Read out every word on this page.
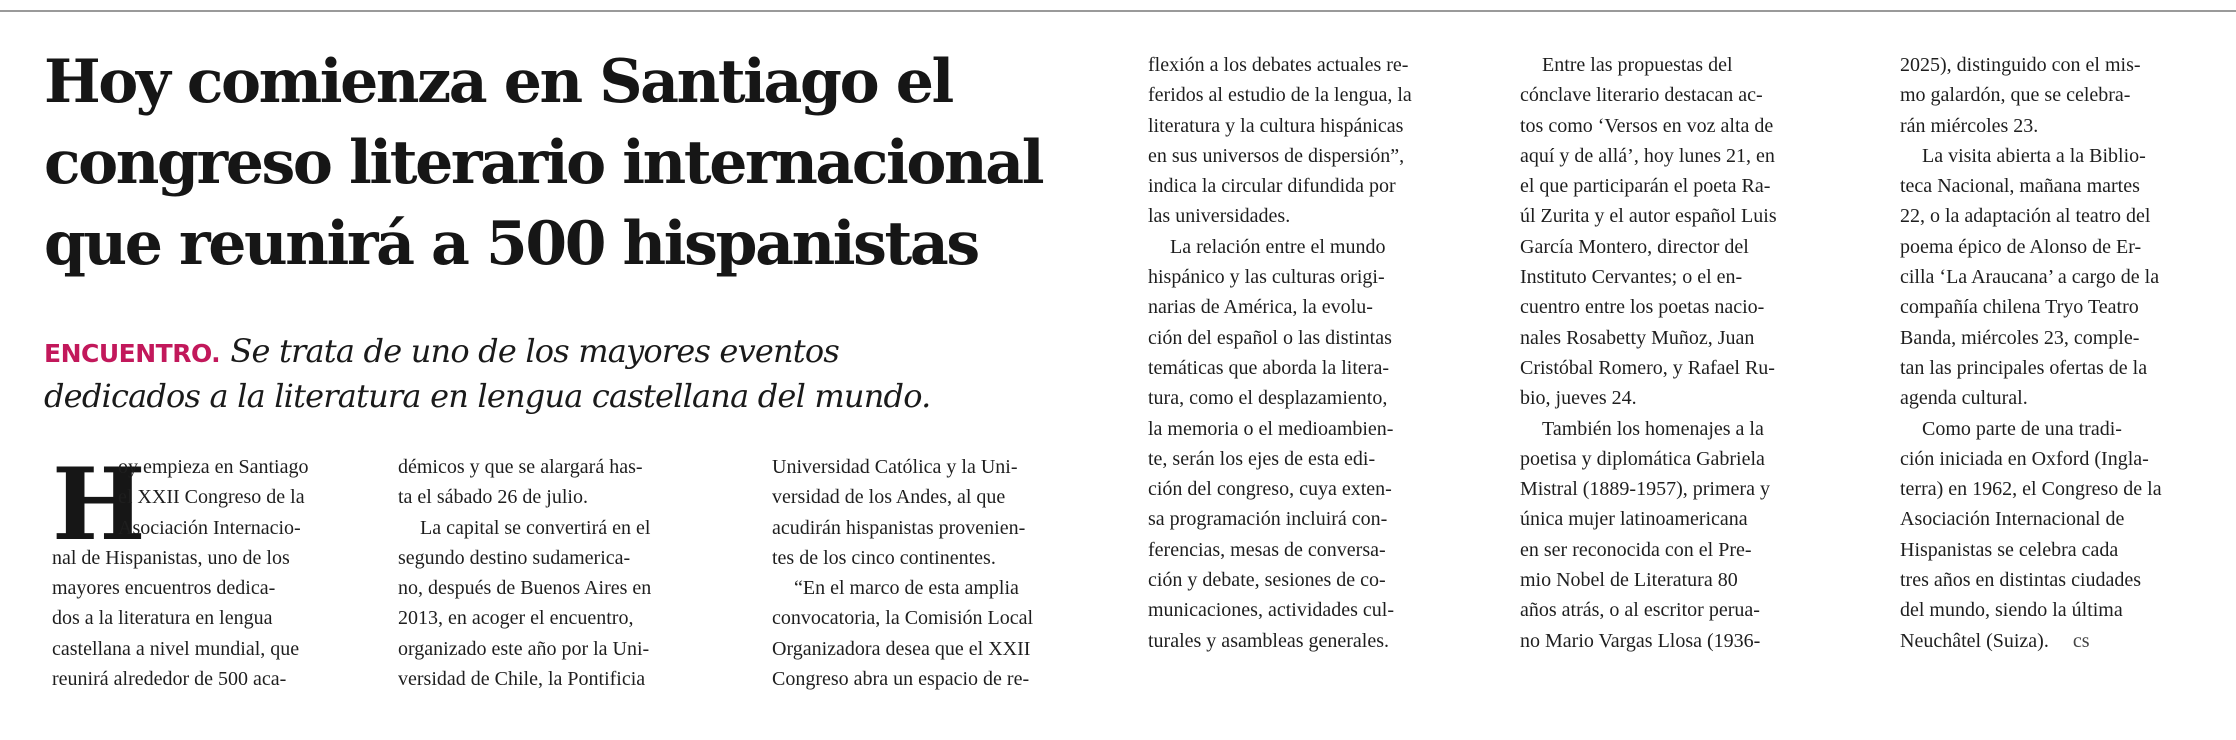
Hoy comienza en Santiago el
congreso literario internacional
que reunirá a 500 hispanistas
ENCUENTRO. Se trata de uno de los mayores eventos
dedicados a la literatura en lengua castellana del mundo.
H
oy empieza en Santiago
el XXII Congreso de la
Asociación Internacio-
nal de Hispanistas, uno de los
mayores encuentros dedica-
dos a la literatura en lengua
castellana a nivel mundial, que
reunirá alrededor de 500 aca-
démicos y que se alargará has-
ta el sábado 26 de julio.
La capital se convertirá en el
segundo destino sudamerica-
no, después de Buenos Aires en
2013, en acoger el encuentro,
organizado este año por la Uni-
versidad de Chile, la Pontificia
Universidad Católica y la Uni-
versidad de los Andes, al que
acudirán hispanistas provenien-
tes de los cinco continentes.
“En el marco de esta amplia
convocatoria, la Comisión Local
Organizadora desea que el XXII
Congreso abra un espacio de re-
flexión a los debates actuales re-
feridos al estudio de la lengua, la
literatura y la cultura hispánicas
en sus universos de dispersión”,
indica la circular difundida por
las universidades.
La relación entre el mundo
hispánico y las culturas origi-
narias de América, la evolu-
ción del español o las distintas
temáticas que aborda la litera-
tura, como el desplazamiento,
la memoria o el medioambien-
te, serán los ejes de esta edi-
ción del congreso, cuya exten-
sa programación incluirá con-
ferencias, mesas de conversa-
ción y debate, sesiones de co-
municaciones, actividades cul-
turales y asambleas generales.
Entre las propuestas del
cónclave literario destacan ac-
tos como ‘Versos en voz alta de
aquí y de allá’, hoy lunes 21, en
el que participarán el poeta Ra-
úl Zurita y el autor español Luis
García Montero, director del
Instituto Cervantes; o el en-
cuentro entre los poetas nacio-
nales Rosabetty Muñoz, Juan
Cristóbal Romero, y Rafael Ru-
bio, jueves 24.
También los homenajes a la
poetisa y diplomática Gabriela
Mistral (1889-1957), primera y
única mujer latinoamericana
en ser reconocida con el Pre-
mio Nobel de Literatura 80
años atrás, o al escritor perua-
no Mario Vargas Llosa (1936-
2025), distinguido con el mis-
mo galardón, que se celebra-
rán miércoles 23.
La visita abierta a la Biblio-
teca Nacional, mañana martes
22, o la adaptación al teatro del
poema épico de Alonso de Er-
cilla ‘La Araucana’ a cargo de la
compañía chilena Tryo Teatro
Banda, miércoles 23, comple-
tan las principales ofertas de la
agenda cultural.
Como parte de una tradi-
ción iniciada en Oxford (Ingla-
terra) en 1962, el Congreso de la
Asociación Internacional de
Hispanistas se celebra cada
tres años en distintas ciudades
del mundo, siendo la última
Neuchâtel (Suiza). cs
